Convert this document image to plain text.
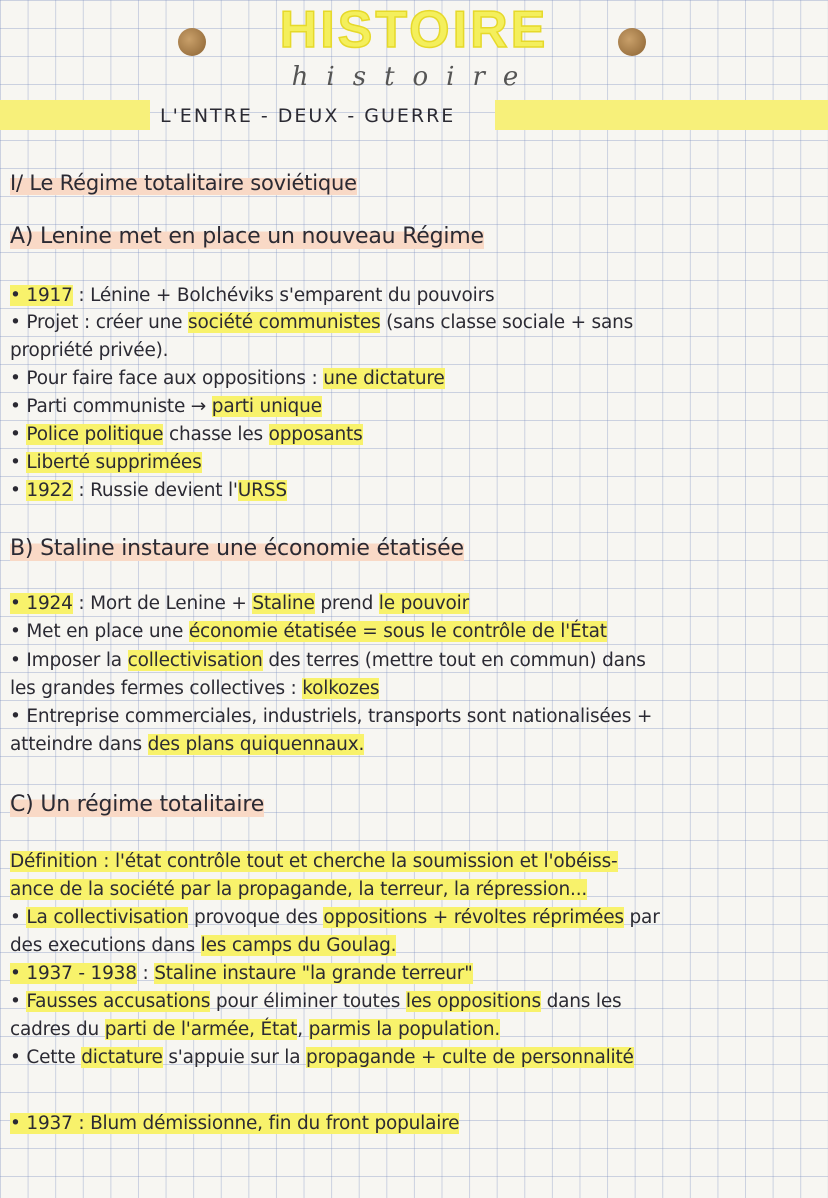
HISTOIRE
histoire
L'ENTRE - DEUX - GUERRE
I/ Le Régime totalitaire soviétique
A) Lenine met en place un nouveau Régime
• 1917 : Lénine + Bolchéviks s'emparent du pouvoirs
• Projet : créer une société communistes (sans classe sociale + sans
propriété privée).
• Pour faire face aux oppositions : une dictature
• Parti communiste → parti unique
• Police politique chasse les opposants
• Liberté supprimées
• 1922 : Russie devient l'URSS
B) Staline instaure une économie étatisée
• 1924 : Mort de Lenine + Staline prend le pouvoir
• Met en place une économie étatisée = sous le contrôle de l'État
• Imposer la collectivisation des terres (mettre tout en commun) dans
les grandes fermes collectives : kolkozes
• Entreprise commerciales, industriels, transports sont nationalisées +
atteindre dans des plans quiquennaux.
C) Un régime totalitaire
Définition : l'état contrôle tout et cherche la soumission et l'obéiss-
ance de la société par la propagande, la terreur, la répression...
• La collectivisation provoque des oppositions + révoltes réprimées par
des executions dans les camps du Goulag.
• 1937 - 1938 : Staline instaure "la grande terreur"
• Fausses accusations pour éliminer toutes les oppositions dans les
cadres du parti de l'armée, État, parmis la population.
• Cette dictature s'appuie sur la propagande + culte de personnalité
• 1937 : Blum démissionne, fin du front populaire
